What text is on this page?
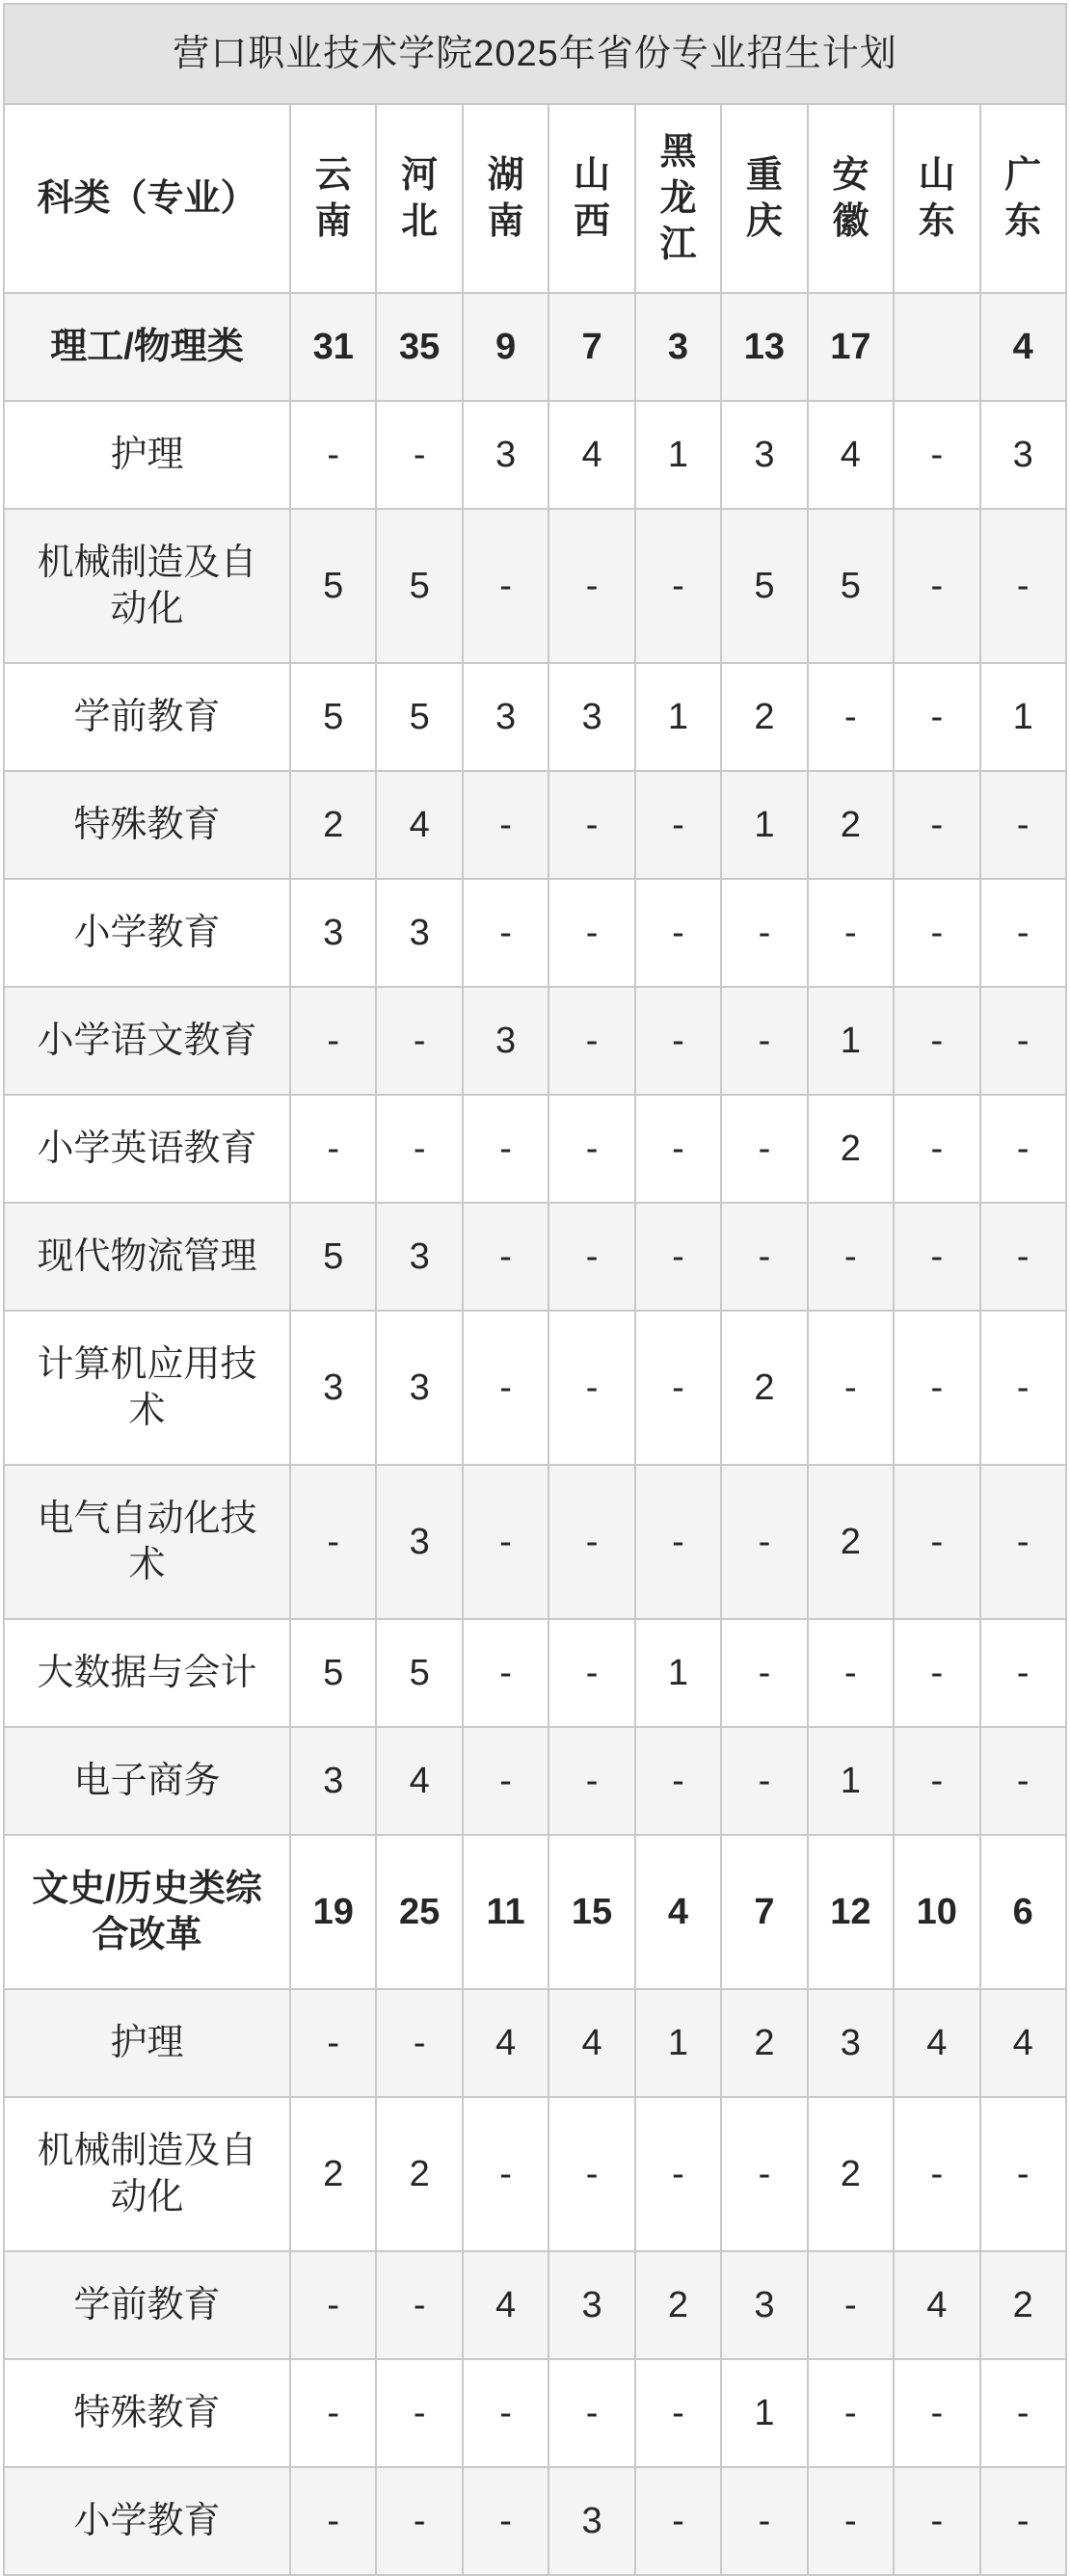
营口职业技术学院2025年省份专业招生计划									
科类（专业）	云南	河北	湖南	山西	黑龙江	重庆	安徽	山东	广东
理工/物理类	31	35	9	7	3	13	17		4
护理	-	-	3	4	1	3	4	-	3
机械制造及自动化	5	5	-	-	-	5	5	-	-
学前教育	5	5	3	3	1	2	-	-	1
特殊教育	2	4	-	-	-	1	2	-	-
小学教育	3	3	-	-	-	-	-	-	-
小学语文教育	-	-	3	-	-	-	1	-	-
小学英语教育	-	-	-	-	-	-	2	-	-
现代物流管理	5	3	-	-	-	-	-	-	-
计算机应用技术	3	3	-	-	-	2	-	-	-
电气自动化技术	-	3	-	-	-	-	2	-	-
大数据与会计	5	5	-	-	1	-	-	-	-
电子商务	3	4	-	-	-	-	1	-	-
文史/历史类综合改革	19	25	11	15	4	7	12	10	6
护理	-	-	4	4	1	2	3	4	4
机械制造及自动化	2	2	-	-	-	-	2	-	-
学前教育	-	-	4	3	2	3	-	4	2
特殊教育	-	-	-	-	-	1	-	-	-
小学教育	-	-	-	3	-	-	-	-	-
